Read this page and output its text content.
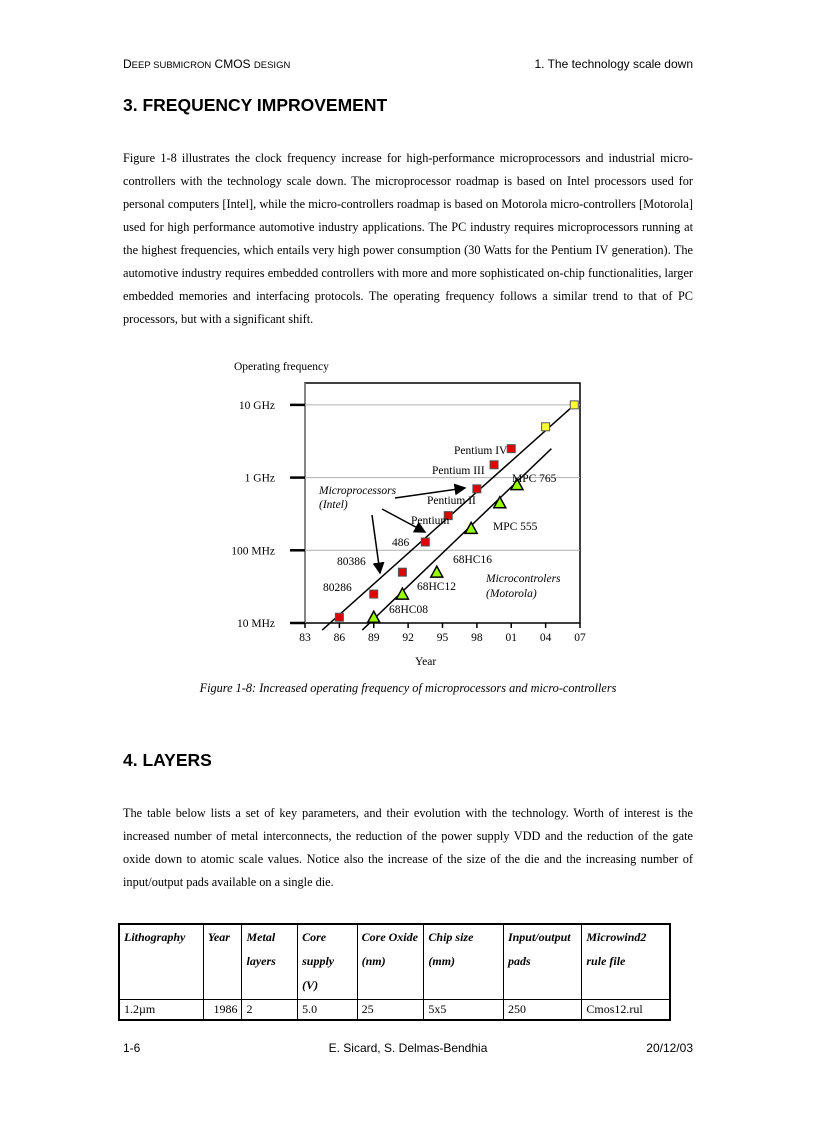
DEEP SUBMICRON CMOS DESIGN	1. The technology scale down
3. FREQUENCY IMPROVEMENT

Figure 1-8 illustrates the clock frequency increase for high-performance microprocessors and industrial micro-controllers with the technology scale down. The microprocessor roadmap is based on Intel processors used for personal computers [Intel], while the micro-controllers roadmap is based on Motorola micro-controllers [Motorola] used for high performance automotive industry applications. The PC industry requires microprocessors running at the highest frequencies, which entails very high power consumption (30 Watts for the Pentium IV generation). The automotive industry requires embedded controllers with more and more sophisticated on-chip functionalities, larger embedded memories and interfacing protocols. The operating frequency follows a similar trend to that of PC processors, but with a significant shift.

Operating frequency
Year
10 GHz
1 GHz
100 MHz
10 MHz
83 86 89 92 95 98 01 04 07
Pentium IV
Pentium III
Pentium II
Pentium
486
80386
80286
MPC 765
MPC 555
68HC16
68HC12
68HC08
Microprocessors
(Intel)
Microcontrolers
(Motorola)
Figure 1-8: Increased operating frequency of microprocessors and micro-controllers
4. LAYERS

The table below lists a set of key parameters, and their evolution with the technology. Worth of interest is the increased number of metal interconnects, the reduction of the power supply VDD and the reduction of the gate oxide down to atomic scale values. Notice also the increase of the size of the die and the increasing number of input/output pads available on a single die.

Lithography	Year	Metal layers	Core supply (V)	Core Oxide (nm)	Chip size (mm)	Input/output pads	Microwind2 rule file
1.2µm	1986	2	5.0	25	5x5	250	Cmos12.rul
1-6	E. Sicard, S. Delmas-Bendhia	20/12/03
